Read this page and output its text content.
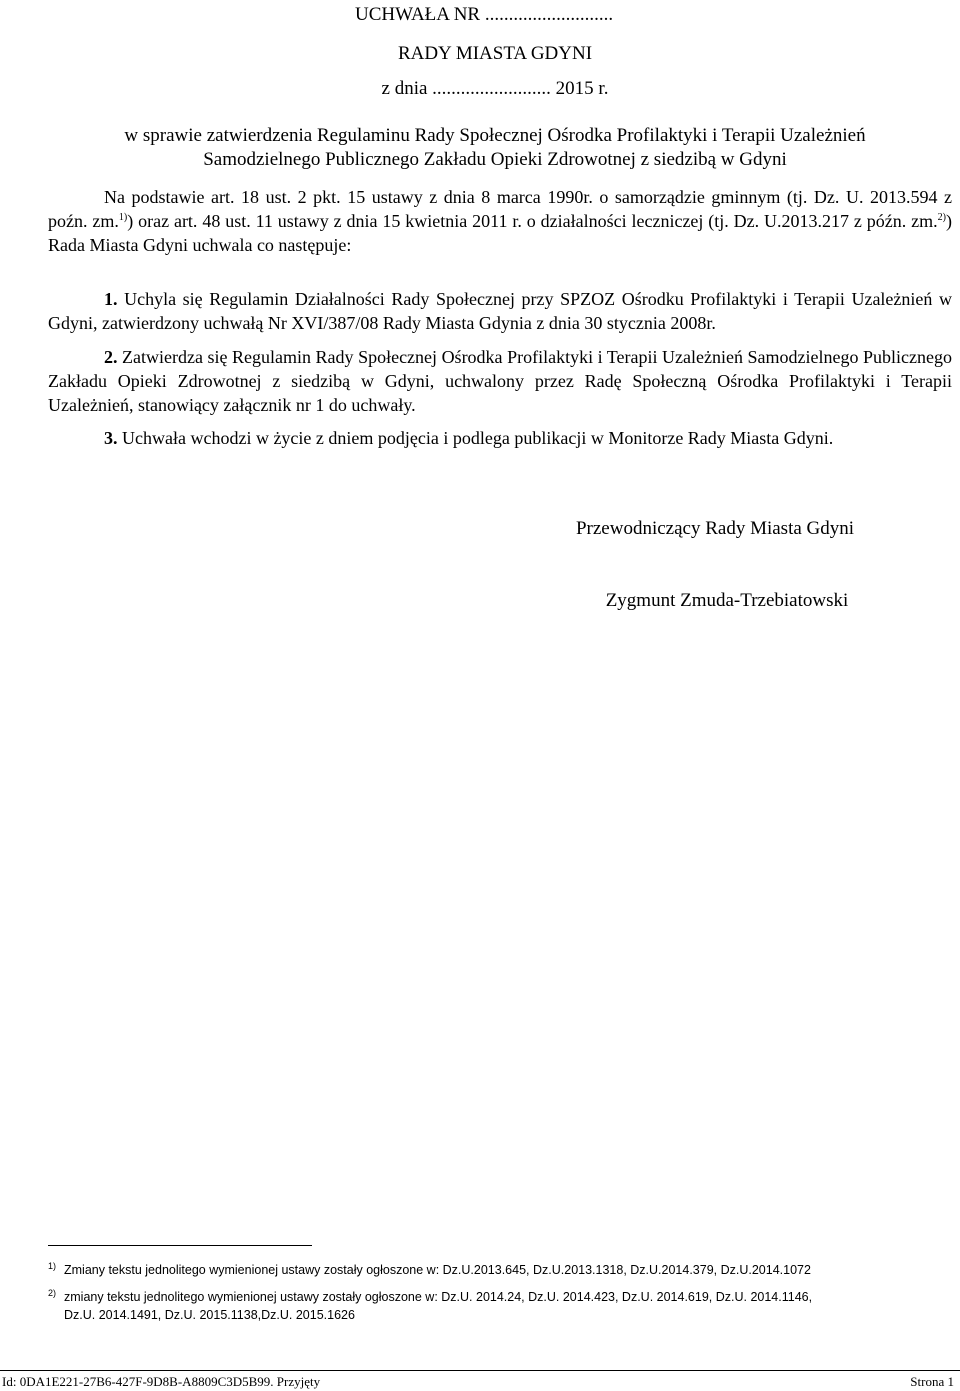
UCHWAŁA NR ...........................
RADY MIASTA GDYNI
z dnia ......................... 2015 r.
w sprawie zatwierdzenia Regulaminu Rady Społecznej Ośrodka Profilaktyki i Terapii Uzależnień
Samodzielnego Publicznego Zakładu Opieki Zdrowotnej z siedzibą w Gdyni
Na podstawie art. 18 ust. 2 pkt. 15 ustawy z dnia 8 marca 1990r. o samorządzie gminnym (tj. Dz. U. 2013.594 z poźn. zm.$^{1)}$) oraz art. 48 ust. 11 ustawy z dnia 15 kwietnia 2011 r. o działalności leczniczej (tj. Dz. U.2013.217 z późn. zm.$^{2)}$) Rada Miasta Gdyni uchwala co następuje:
1. Uchyla się Regulamin Działalności Rady Społecznej przy SPZOZ Ośrodku Profilaktyki i Terapii Uzależnień w Gdyni, zatwierdzony uchwałą Nr XVI/387/08 Rady Miasta Gdynia z dnia 30 stycznia 2008r.
2. Zatwierdza się Regulamin Rady Społecznej Ośrodka Profilaktyki i Terapii Uzależnień Samodzielnego Publicznego Zakładu Opieki Zdrowotnej z siedzibą w Gdyni, uchwalony przez Radę Społeczną Ośrodka Profilaktyki i Terapii Uzależnień, stanowiący załącznik nr 1 do uchwały.
3. Uchwała wchodzi w życie z dniem podjęcia i podlega publikacji w Monitorze Rady Miasta Gdyni.
Przewodniczący Rady Miasta Gdyni
Zygmunt Zmuda-Trzebiatowski
1) Zmiany tekstu jednolitego wymienionej ustawy zostały ogłoszone w: Dz.U.2013.645, Dz.U.2013.1318, Dz.U.2014.379, Dz.U.2014.1072
2) zmiany tekstu jednolitego wymienionej ustawy zostały ogłoszone w: Dz.U. 2014.24, Dz.U. 2014.423, Dz.U. 2014.619, Dz.U. 2014.1146,
Dz.U. 2014.1491, Dz.U. 2015.1138,Dz.U. 2015.1626
Id: 0DA1E221-27B6-427F-9D8B-A8809C3D5B99. Przyjęty	Strona 1
